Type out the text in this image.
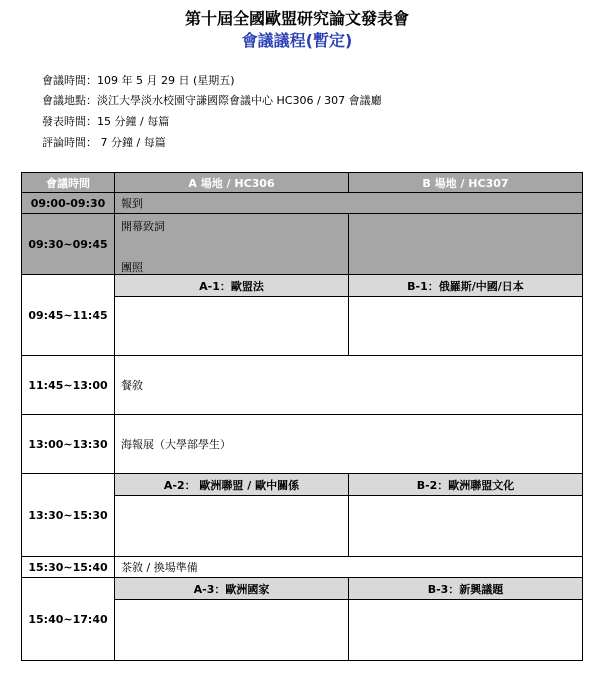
第十屆全國歐盟研究論文發表會
會議議程(暫定)
會議時間：109 年 5 月 29 日 (星期五)
會議地點：淡江大學淡水校園守謙國際會議中心 HC306 / 307 會議廳
發表時間：15 分鐘 / 每篇
評論時間： 7 分鐘 / 每篇
會議時間	A 場地 / HC306	B 場地 / HC307
09:00-09:30	報到	
09:30~09:45	開幕致詞
團照	

09:45~11:45	A-1：歐盟法	B-1：俄羅斯/中國/日本

11:45~13:00	餐敘	
13:00~13:30	海報展（大學部學生）	
13:30~15:30	A-2： 歐洲聯盟 / 歐中關係	B-2：歐洲聯盟文化

15:30~15:40	茶敘 / 換場準備	
15:40~17:40	A-3：歐洲國家	B-3：新興議題
